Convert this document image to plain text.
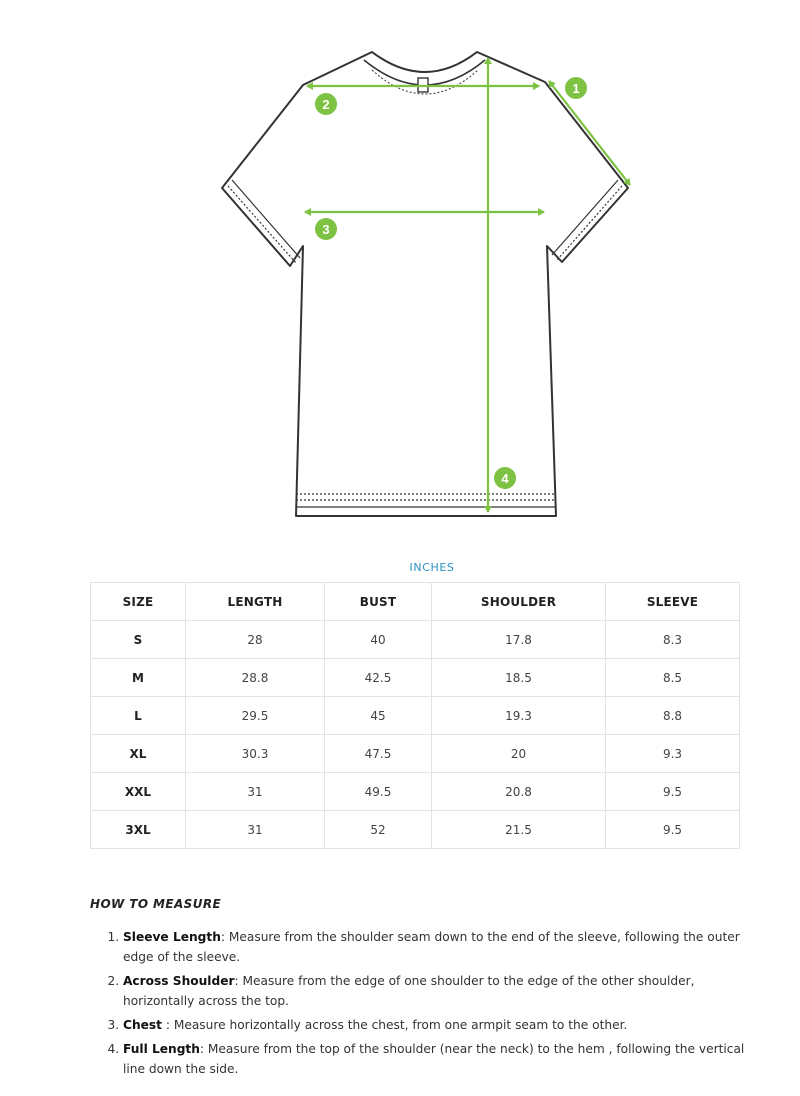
1
2
3
4
INCHES
SIZE	LENGTH	BUST	SHOULDER	SLEEVE
S	28	40	17.8	8.3
M	28.8	42.5	18.5	8.5
L	29.5	45	19.3	8.8
XL	30.3	47.5	20	9.3
XXL	31	49.5	20.8	9.5
3XL	31	52	21.5	9.5

HOW TO MEASURE

1. Sleeve Length: Measure from the shoulder seam down to the end of the sleeve, following the outer edge of the sleeve.
2. Across Shoulder: Measure from the edge of one shoulder to the edge of the other shoulder, horizontally across the top.
3. Chest : Measure horizontally across the chest, from one armpit seam to the other.
4. Full Length: Measure from the top of the shoulder (near the neck) to the hem , following the vertical line down the side.
